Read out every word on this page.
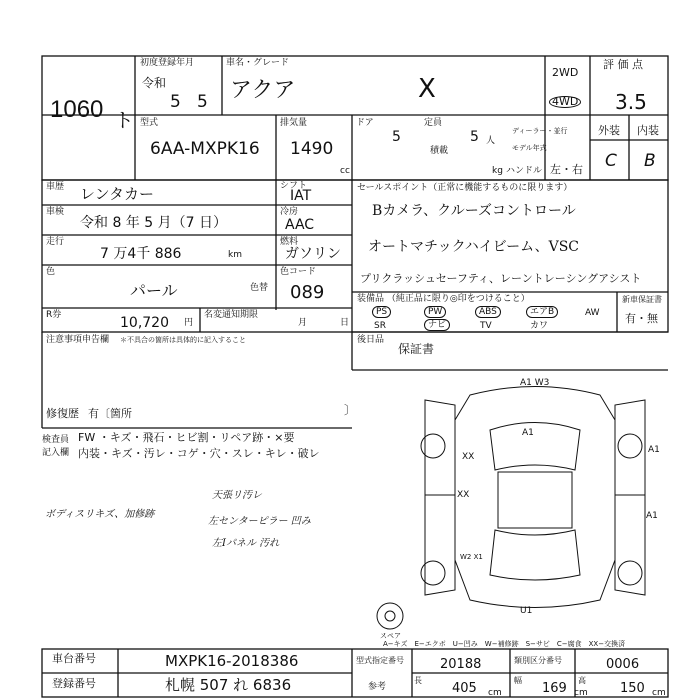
1060 ト
初度登録年月
令和
5 5
車名・グレード
アクア	X
2WD
4WD
評 価 点
3.5
型式
6AA-MXPK16
排気量
1490
cc
ドア
5
定員
5 人
ディーラー・並行
モデル年式
積載
kg ハンドル 左・右
外装 内装
C B
車歴 レンタカー	シフト
IAT
車検
令和 8 年 5 月（7 日）
冷房
AAC
走行
7 万4千 886	km
燃料
ガソリン
色
パール	色替
色コード
089
R券	10,720 円
名変通知期限
月	日
セールスポイント（正常に機能するものに限ります）
Bカメラ、クルーズコントロール
オートマチックハイビーム、VSC
プリクラッシュセーフティ、レーントレーシングアシスト
装備品 （純正品に限り◎印をつけること）
PS	PW	ABS	エアB	AW
SR	ナビ	TV	カワ
新車保証書
有・無
後日品
保証書
注意事項申告欄 ＊不具合の箇所は具体的に記入すること
修復歴 有〔箇所	〕
検査員
記入欄
FW ・キズ・飛石・ヒビ割・リペア跡・×要
内装・キズ・汚レ・コゲ・穴・スレ・キレ・破レ
ボディスリキズ、加修跡
天張リ汚レ
左センターピラー 凹み
左Iパネル 汚れ
A1 W3
A1
XX
XX
W2 X1
U1
A1
A1
スペア
A−キズ　E−エクボ　U−凹み　W−補修跡　S−サビ　C−腐食　XX−交換済
車台番号	MXPK16-2018386
登録番号	札幌 507 れ 6836
型式指定番号	20188	類別区分番号	0006
参考
長
405 cm
幅
169 cm
高
150 cm
